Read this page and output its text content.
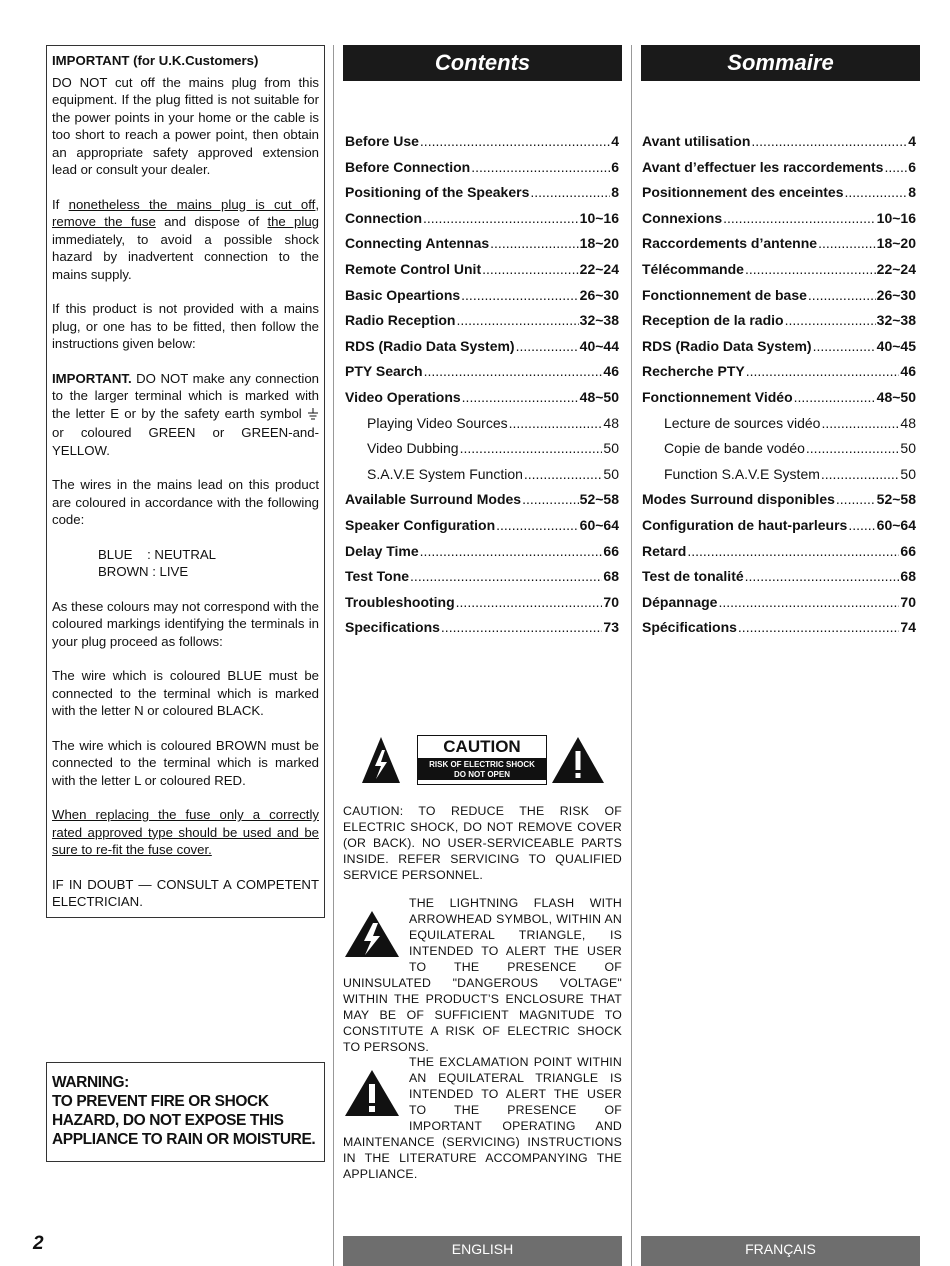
IMPORTANT (for U.K.Customers)

DO NOT cut off the mains plug from this equipment. If the plug fitted is not suitable for the power points in your home or the cable is too short to reach a power point, then obtain an appropriate safety approved extension lead or consult your dealer.

If nonetheless the mains plug is cut off, remove the fuse and dispose of the plug immediately, to avoid a possible shock hazard by inadvertent connection to the mains supply.

If this product is not provided with a mains plug, or one has to be fitted, then follow the instructions given below:

IMPORTANT. DO NOT make any connection to the larger terminal which is marked with the letter E or by the safety earth symbol  or coloured GREEN or GREEN-and-YELLOW.

The wires in the mains lead on this product are coloured in accordance with the following code:

BLUE    : NEUTRAL
BROWN : LIVE

As these colours may not correspond with the coloured markings identifying the terminals in your plug proceed as follows:

The wire which is coloured BLUE must be connected to the terminal which is marked with the letter N or coloured BLACK.

The wire which is coloured BROWN must be connected to the terminal which is marked with the letter L or coloured RED.

When replacing the fuse only a correctly rated approved type should be used and be sure to re-fit the fuse cover.

IF IN DOUBT — CONSULT A COMPETENT ELECTRICIAN.

WARNING:
TO PREVENT FIRE OR SHOCK HAZARD, DO NOT EXPOSE THIS APPLIANCE TO RAIN OR MOISTURE.
Contents	Sommaire
Before Use .....	4
Before Connection .....	6
Positioning of the Speakers .....	8
Connection .....	10~16
Connecting Antennas .....	18~20
Remote Control Unit .....	22~24
Basic Opeartions .....	26~30
Radio Reception .....	32~38
RDS (Radio Data System) .....	40~44
PTY Search .....	46
Video Operations .....	48~50
Playing Video Sources .....	48
Video Dubbing .....	50
S.A.V.E System Function .....	50
Available Surround Modes .....	52~58
Speaker Configuration .....	60~64
Delay Time .....	66
Test Tone .....	68
Troubleshooting .....	70
Specifications .....	73
Avant utilisation .....	4
Avant d’effectuer les raccordements ..... 6
Positionnement des enceintes .....	8
Connexions .....	10~16
Raccordements d’antenne .....	18~20
Télécommande .....	22~24
Fonctionnement de base .....	26~30
Reception de la radio .....	32~38
RDS (Radio Data System) .....	40~45
Recherche PTY .....	46
Fonctionnement Vidéo .....	48~50
Lecture de sources vidéo .....	48
Copie de bande vodéo .....	50
Function S.A.V.E System .....	50
Modes Surround disponibles .....	52~58
Configuration de haut-parleurs ..... 60~64
Retard .....	66
Test de tonalité .....	68
Dépannage .....	70
Spécifications .....	74
CAUTION
RISK OF ELECTRIC SHOCK
DO NOT OPEN
CAUTION: TO REDUCE THE RISK OF ELECTRIC SHOCK, DO NOT REMOVE COVER (OR BACK). NO USER-SERVICEABLE PARTS INSIDE. REFER SERVICING TO QUALIFIED SERVICE PERSONNEL.
THE LIGHTNING FLASH WITH ARROWHEAD SYMBOL, WITHIN AN EQUILATERAL TRIANGLE, IS INTENDED TO ALERT THE USER TO THE PRESENCE OF UNINSULATED "DANGEROUS VOLTAGE" WITHIN THE PRODUCT’S ENCLOSURE THAT MAY BE OF SUFFICIENT MAGNITUDE TO CONSTITUTE A RISK OF ELECTRIC SHOCK TO PERSONS.
THE EXCLAMATION POINT WITHIN AN EQUILATERAL TRIANGLE IS INTENDED TO ALERT THE USER TO THE PRESENCE OF IMPORTANT OPERATING AND MAINTENANCE (SERVICING) INSTRUCTIONS IN THE LITERATURE ACCOMPANYING THE APPLIANCE.
2	ENGLISH	FRANÇAIS
